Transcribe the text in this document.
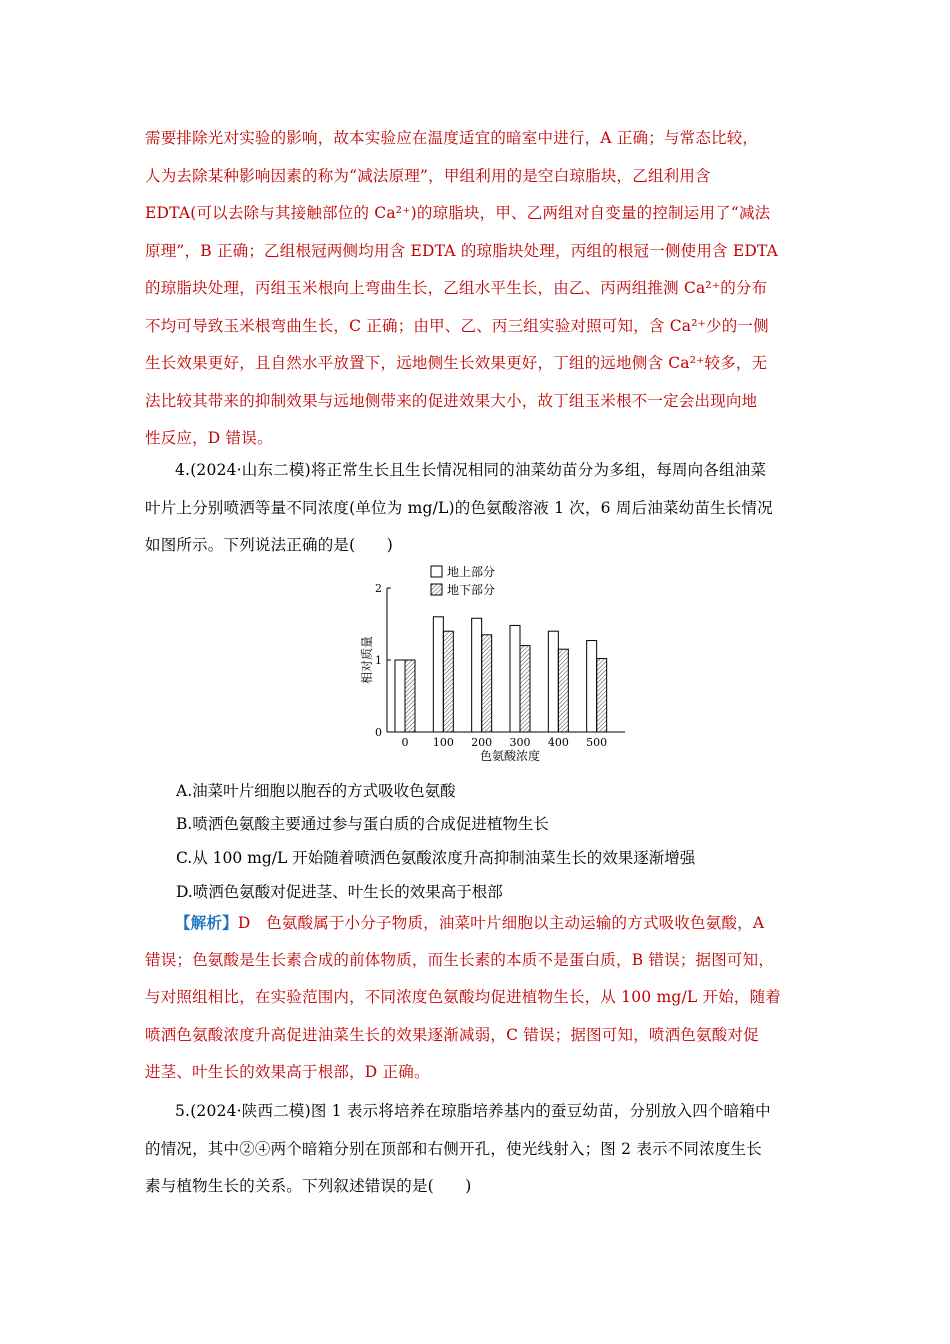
需要排除光对实验的影响，故本实验应在温度适宜的暗室中进行，A 正确；与常态比较，
人为去除某种影响因素的称为“减法原理”，甲组利用的是空白琼脂块，乙组利用含
EDTA(可以去除与其接触部位的 Ca²⁺)的琼脂块，甲、乙两组对自变量的控制运用了“减法
原理”，B 正确；乙组根冠两侧均用含 EDTA 的琼脂块处理，丙组的根冠一侧使用含 EDTA
的琼脂块处理，丙组玉米根向上弯曲生长，乙组水平生长，由乙、丙两组推测 Ca²⁺的分布
不均可导致玉米根弯曲生长，C 正确；由甲、乙、丙三组实验对照可知，含 Ca²⁺少的一侧
生长效果更好，且自然水平放置下，远地侧生长效果更好，丁组的远地侧含 Ca²⁺较多，无
法比较其带来的抑制效果与远地侧带来的促进效果大小，故丁组玉米根不一定会出现向地
性反应，D 错误。
4.(2024·山东二模)将正常生长且生长情况相同的油菜幼苗分为多组，每周向各组油菜
叶片上分别喷洒等量不同浓度(单位为 mg/L)的色氨酸溶液 1 次，6 周后油菜幼苗生长情况
如图所示。下列说法正确的是(　　)
地上部分
地下部分
0
1
2
0 100 200 300 400 500
色氨酸浓度
相对质量
A.油菜叶片细胞以胞吞的方式吸收色氨酸
B.喷洒色氨酸主要通过参与蛋白质的合成促进植物生长
C.从 100 mg/L 开始随着喷洒色氨酸浓度升高抑制油菜生长的效果逐渐增强
D.喷洒色氨酸对促进茎、叶生长的效果高于根部
【解析】D　色氨酸属于小分子物质，油菜叶片细胞以主动运输的方式吸收色氨酸，A
错误；色氨酸是生长素合成的前体物质，而生长素的本质不是蛋白质，B 错误；据图可知，
与对照组相比，在实验范围内，不同浓度色氨酸均促进植物生长，从 100 mg/L 开始，随着
喷洒色氨酸浓度升高促进油菜生长的效果逐渐减弱，C 错误；据图可知，喷洒色氨酸对促
进茎、叶生长的效果高于根部，D 正确。
5.(2024·陕西二模)图 1 表示将培养在琼脂培养基内的蚕豆幼苗，分别放入四个暗箱中
的情况，其中②④两个暗箱分别在顶部和右侧开孔，使光线射入；图 2 表示不同浓度生长
素与植物生长的关系。下列叙述错误的是(　　)
